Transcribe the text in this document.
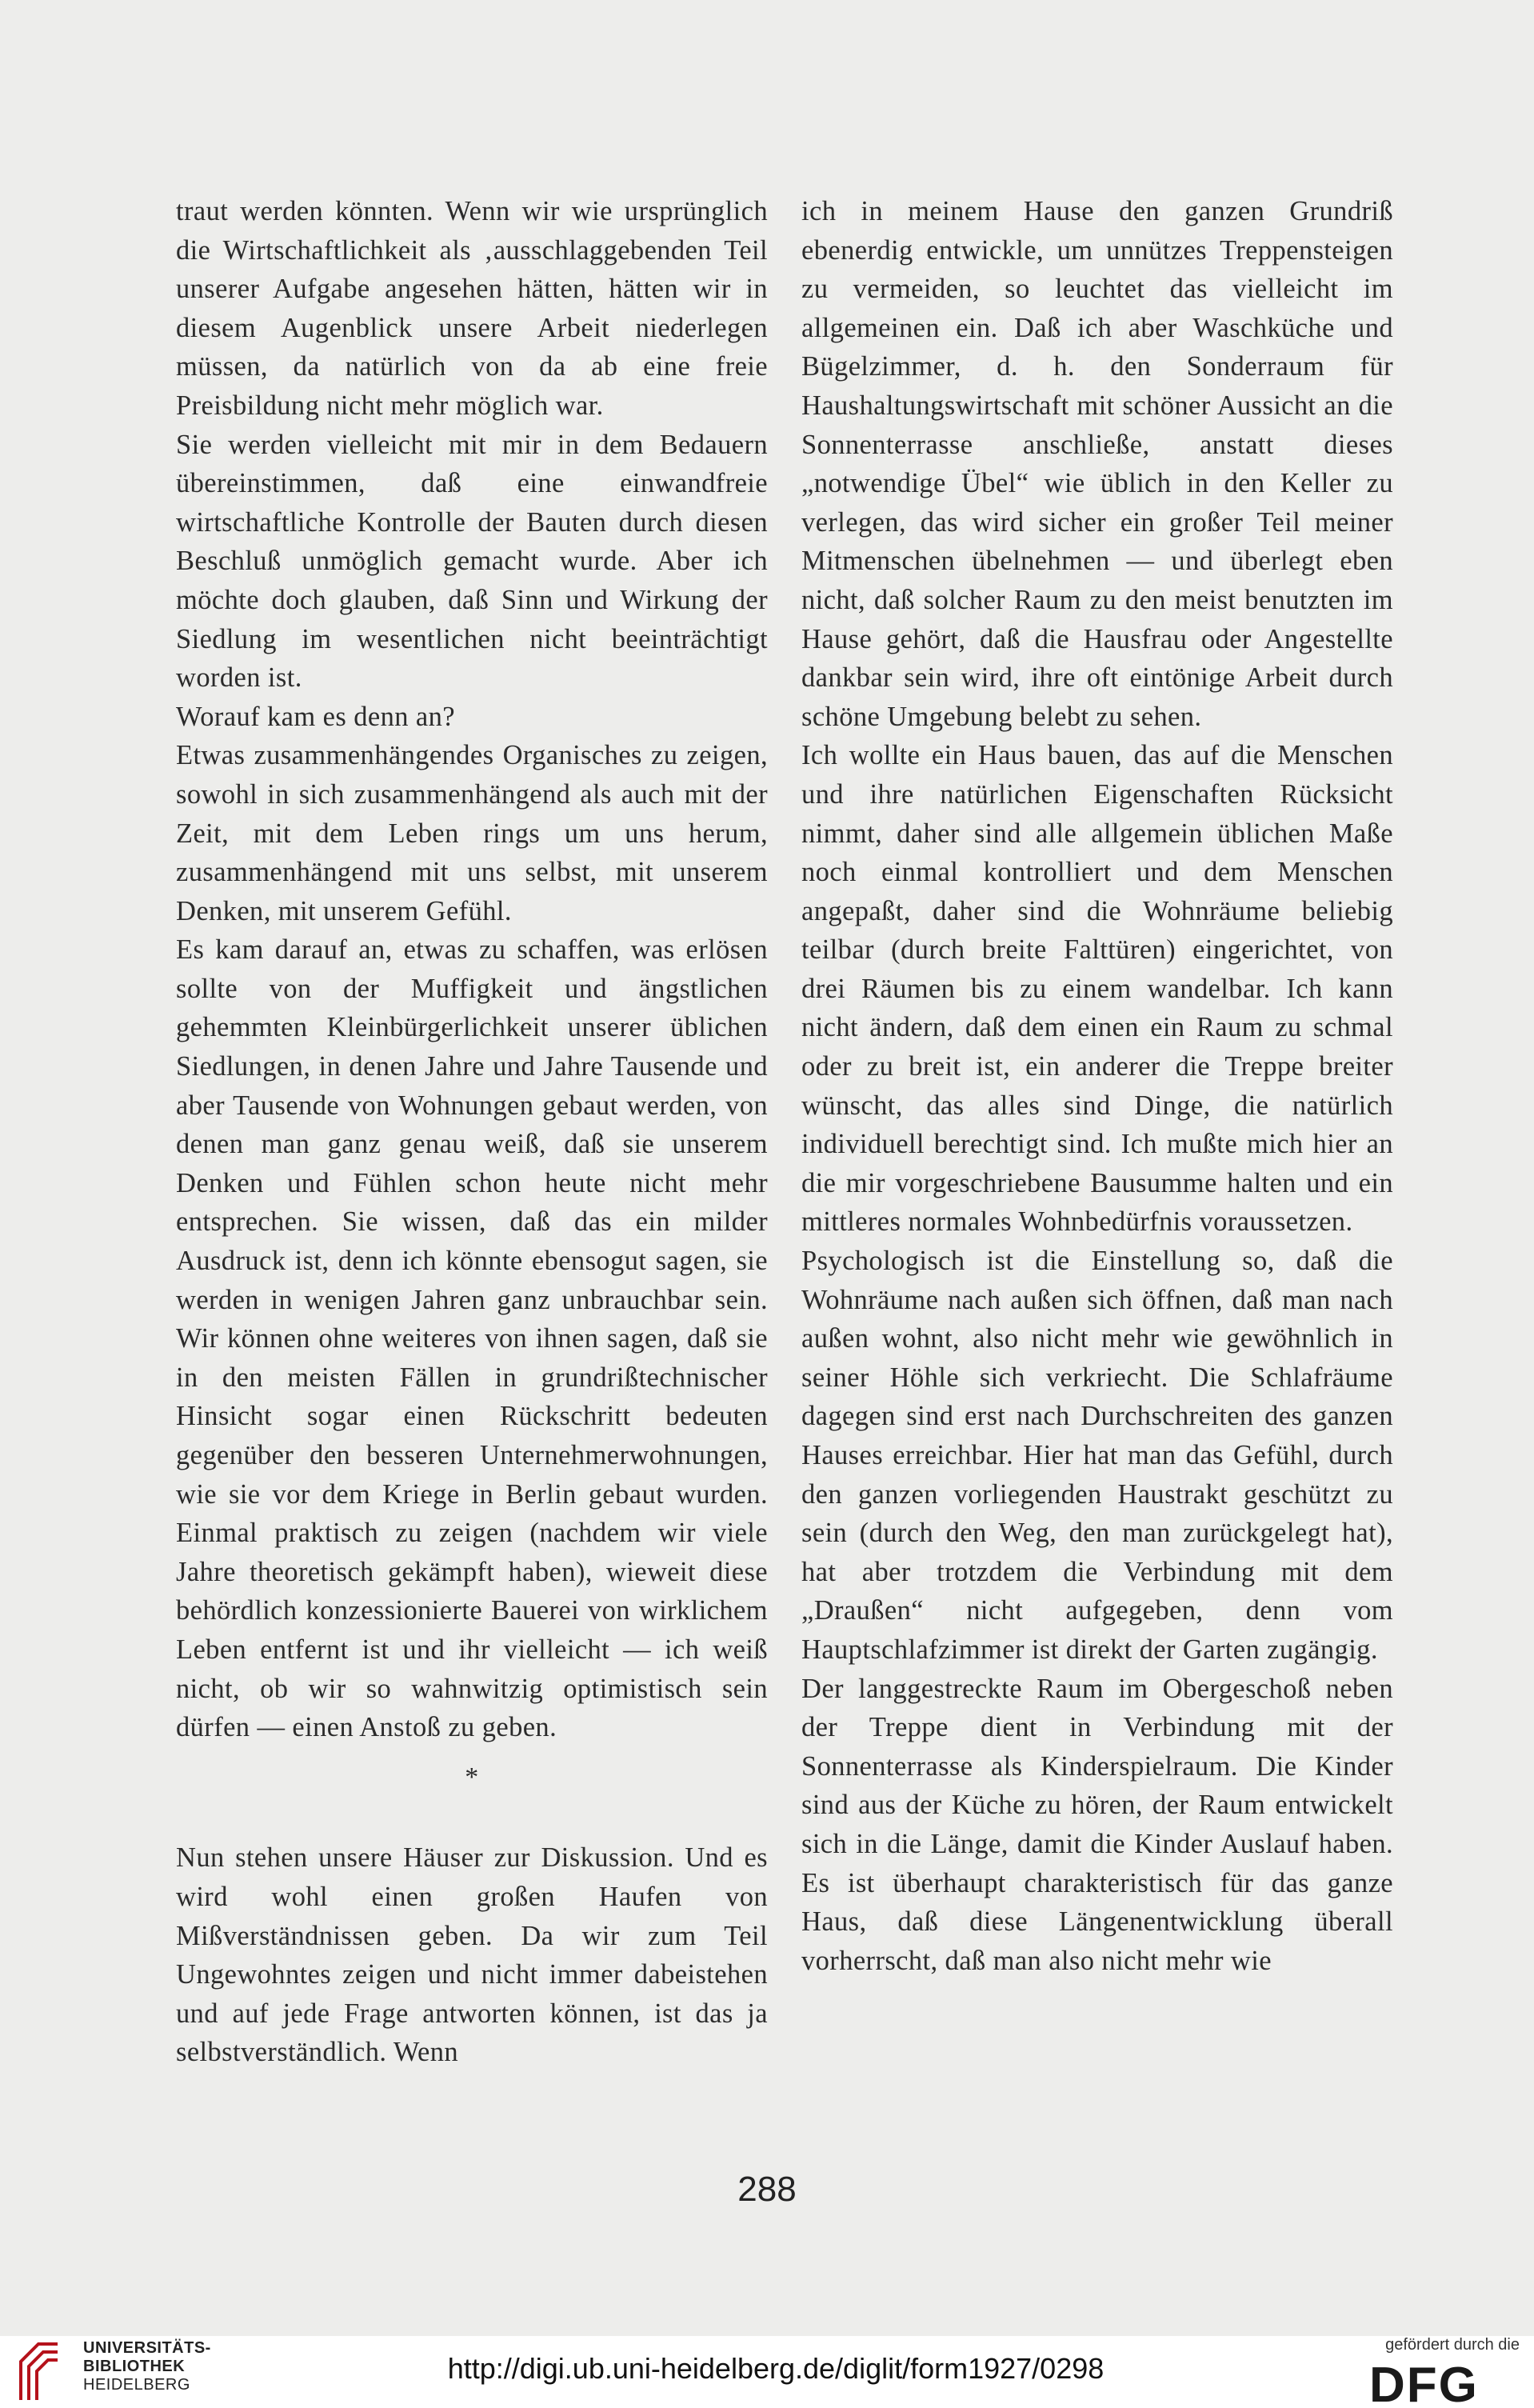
traut werden könnten. Wenn wir wie ursprünglich die Wirtschaftlichkeit als ‚ausschlaggebenden Teil unserer Aufgabe angesehen hätten, hätten wir in diesem Augenblick unsere Arbeit niederlegen müssen, da natürlich von da ab eine freie Preisbildung nicht mehr möglich war.

Sie werden vielleicht mit mir in dem Bedauern übereinstimmen, daß eine einwandfreie wirtschaftliche Kontrolle der Bauten durch diesen Beschluß unmöglich gemacht wurde. Aber ich möchte doch glauben, daß Sinn und Wirkung der Siedlung im wesentlichen nicht beeinträchtigt worden ist.

Worauf kam es denn an?

Etwas zusammenhängendes Organisches zu zeigen, sowohl in sich zusammenhängend als auch mit der Zeit, mit dem Leben rings um uns herum, zusammenhängend mit uns selbst, mit unserem Denken, mit unserem Gefühl.

Es kam darauf an, etwas zu schaffen, was erlösen sollte von der Muffigkeit und ängstlichen gehemmten Kleinbürgerlichkeit unserer üblichen Siedlungen, in denen Jahre und Jahre Tausende und aber Tausende von Wohnungen gebaut werden, von denen man ganz genau weiß, daß sie unserem Denken und Fühlen schon heute nicht mehr entsprechen. Sie wissen, daß das ein milder Ausdruck ist, denn ich könnte ebensogut sagen, sie werden in wenigen Jahren ganz unbrauchbar sein. Wir können ohne weiteres von ihnen sagen, daß sie in den meisten Fällen in grundrißtechnischer Hinsicht sogar einen Rückschritt bedeuten gegenüber den besseren Unternehmerwohnungen, wie sie vor dem Kriege in Berlin gebaut wurden. Einmal praktisch zu zeigen (nachdem wir viele Jahre theoretisch gekämpft haben), wieweit diese behördlich konzessionierte Bauerei von wirklichem Leben entfernt ist und ihr vielleicht — ich weiß nicht, ob wir so wahnwitzig optimistisch sein dürfen — einen Anstoß zu geben.

*

Nun stehen unsere Häuser zur Diskussion. Und es wird wohl einen großen Haufen von Mißverständnissen geben. Da wir zum Teil Ungewohntes zeigen und nicht immer dabeistehen und auf jede Frage antworten können, ist das ja selbstverständlich. Wenn

ich in meinem Hause den ganzen Grundriß ebenerdig entwickle, um unnützes Treppensteigen zu vermeiden, so leuchtet das vielleicht im allgemeinen ein. Daß ich aber Waschküche und Bügelzimmer, d. h. den Sonderraum für Haushaltungswirtschaft mit schöner Aussicht an die Sonnenterrasse anschließe, anstatt dieses „notwendige Übel“ wie üblich in den Keller zu verlegen, das wird sicher ein großer Teil meiner Mitmenschen übelnehmen — und überlegt eben nicht, daß solcher Raum zu den meist benutzten im Hause gehört, daß die Hausfrau oder Angestellte dankbar sein wird, ihre oft eintönige Arbeit durch schöne Umgebung belebt zu sehen.

Ich wollte ein Haus bauen, das auf die Menschen und ihre natürlichen Eigenschaften Rücksicht nimmt, daher sind alle allgemein üblichen Maße noch einmal kontrolliert und dem Menschen angepaßt, daher sind die Wohnräume beliebig teilbar (durch breite Falttüren) eingerichtet, von drei Räumen bis zu einem wandelbar. Ich kann nicht ändern, daß dem einen ein Raum zu schmal oder zu breit ist, ein anderer die Treppe breiter wünscht, das alles sind Dinge, die natürlich individuell berechtigt sind. Ich mußte mich hier an die mir vorgeschriebene Bausumme halten und ein mittleres normales Wohnbedürfnis voraussetzen.

Psychologisch ist die Einstellung so, daß die Wohnräume nach außen sich öffnen, daß man nach außen wohnt, also nicht mehr wie gewöhnlich in seiner Höhle sich verkriecht. Die Schlafräume dagegen sind erst nach Durchschreiten des ganzen Hauses erreichbar. Hier hat man das Gefühl, durch den ganzen vorliegenden Haustrakt geschützt zu sein (durch den Weg, den man zurückgelegt hat), hat aber trotzdem die Verbindung mit dem „Draußen“ nicht aufgegeben, denn vom Hauptschlafzimmer ist direkt der Garten zugängig.

Der langgestreckte Raum im Obergeschoß neben der Treppe dient in Verbindung mit der Sonnenterrasse als Kinderspielraum. Die Kinder sind aus der Küche zu hören, der Raum entwickelt sich in die Länge, damit die Kinder Auslauf haben. Es ist überhaupt charakteristisch für das ganze Haus, daß diese Längenentwicklung überall vorherrscht, daß man also nicht mehr wie

288
UNIVERSITÄTS-
BIBLIOTHEK
HEIDELBERG	http://digi.ub.uni-heidelberg.de/diglit/form1927/0298
gefördert durch die
DFG
